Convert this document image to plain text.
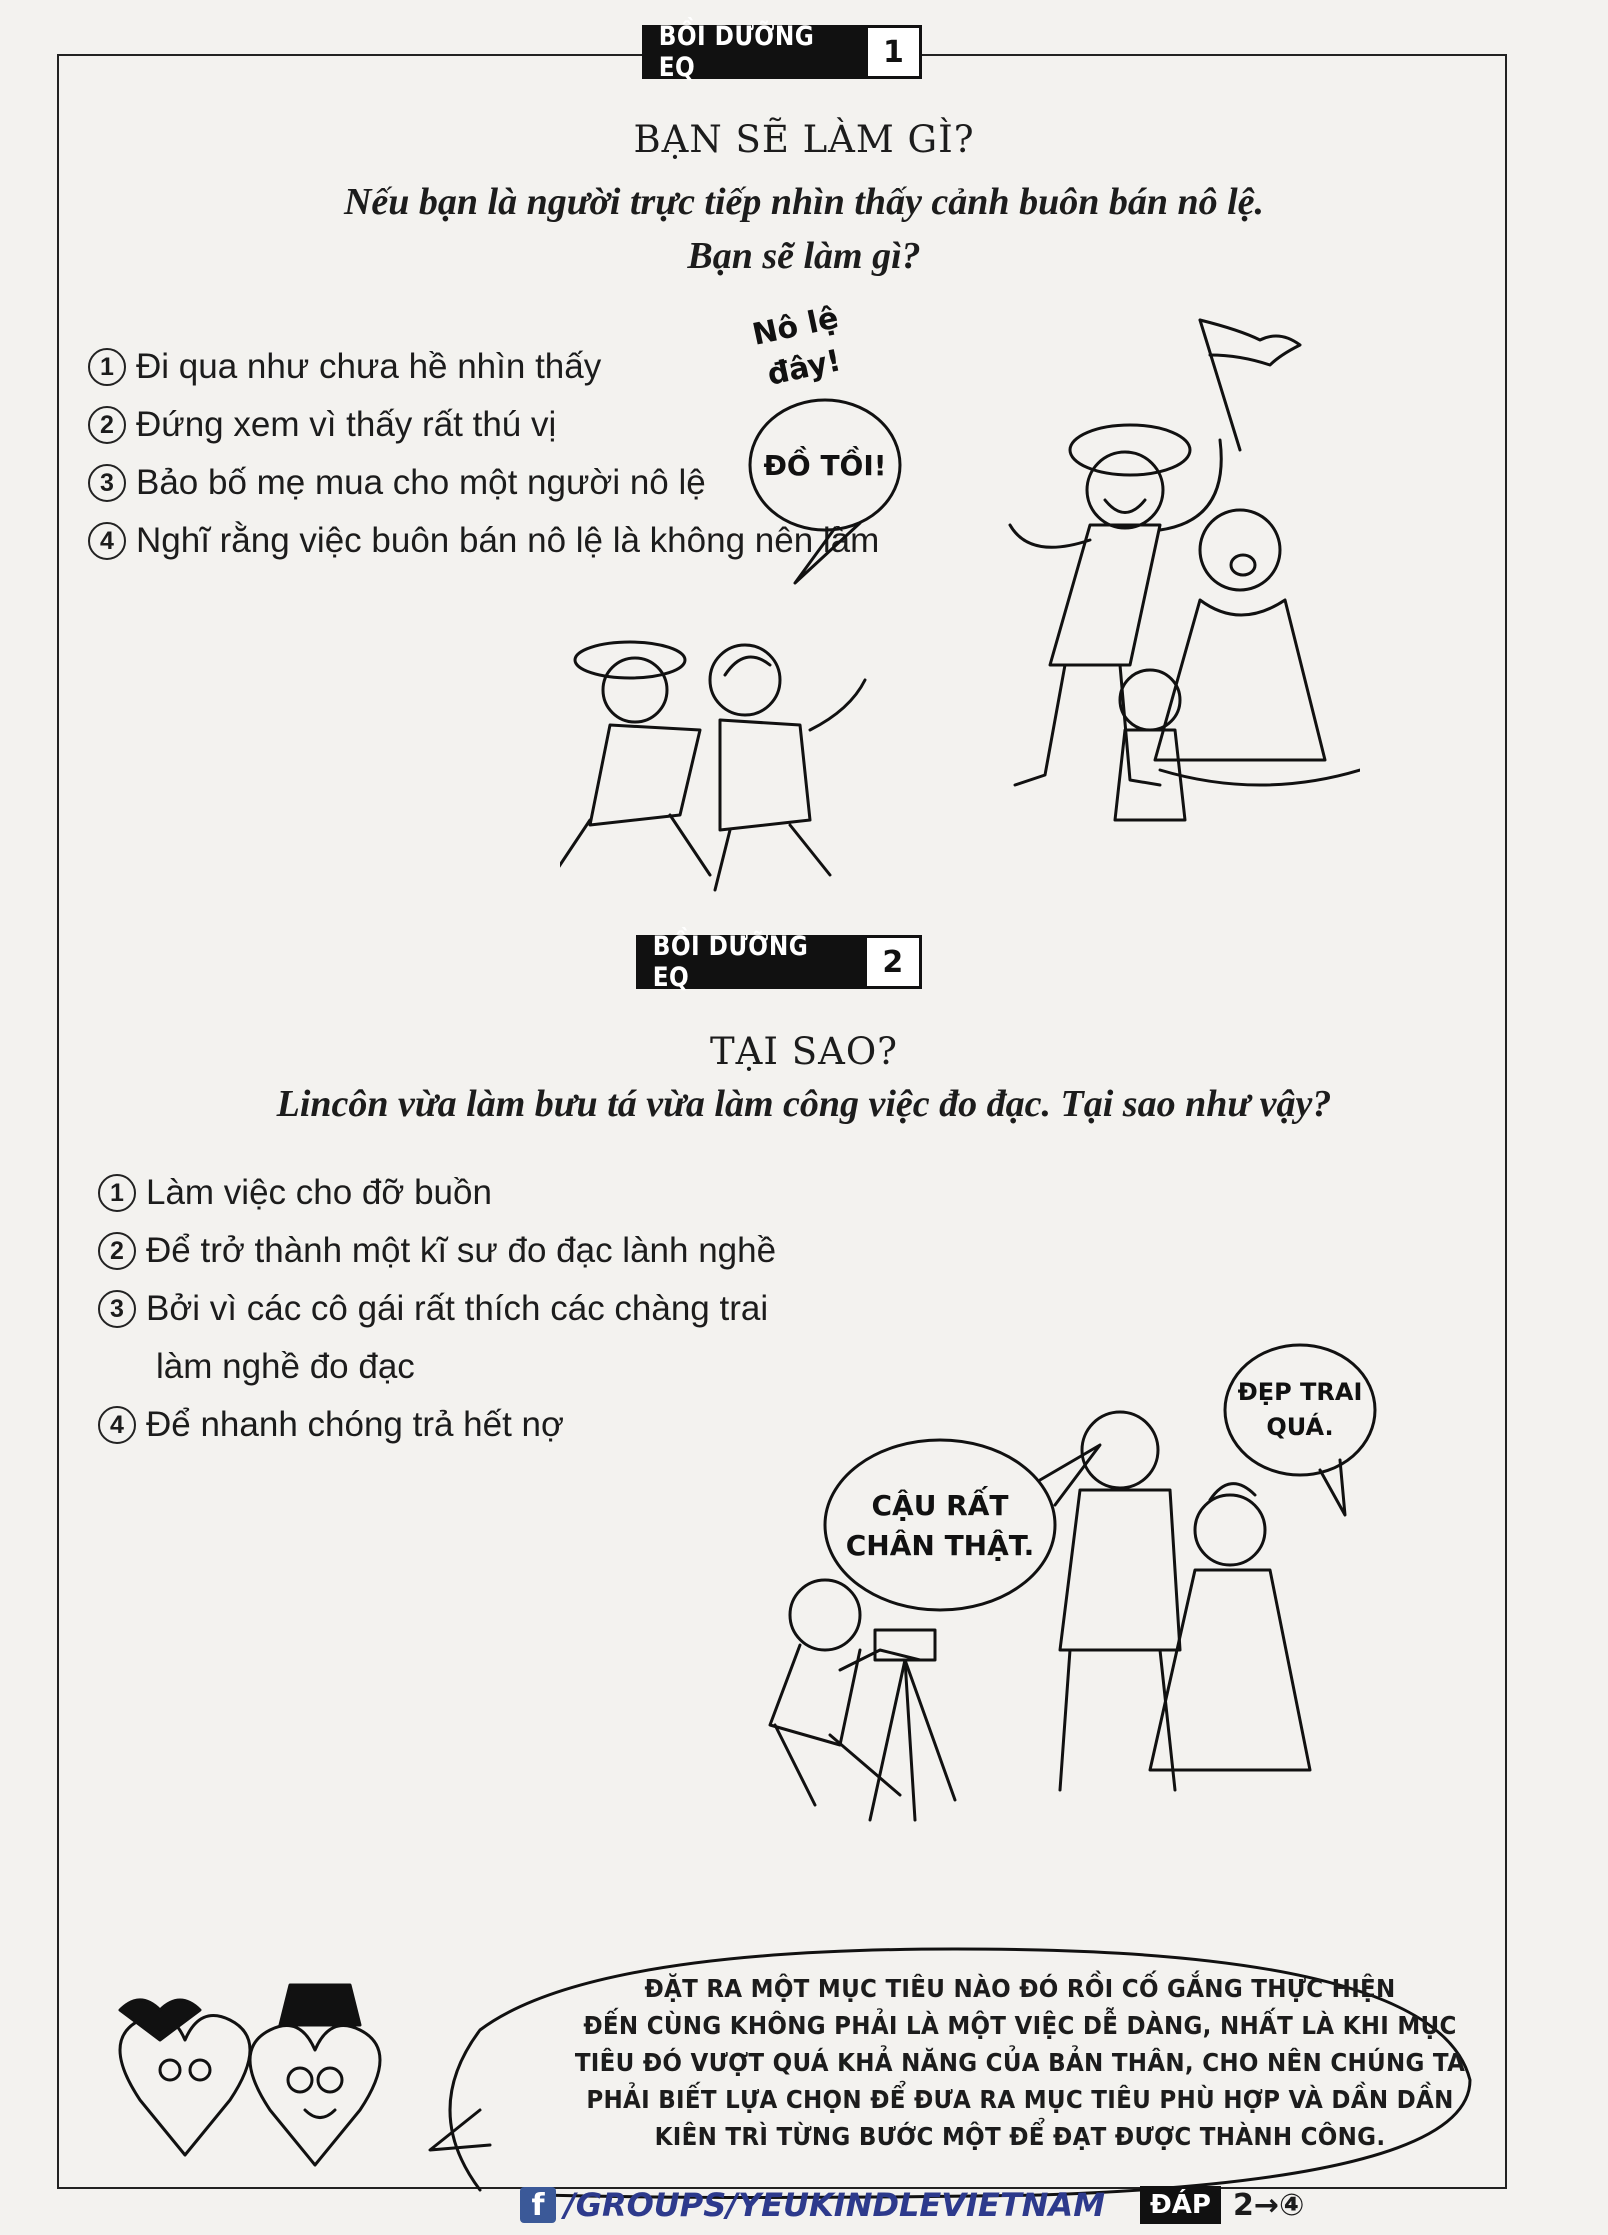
BỒI DƯỠNG EQ	1
BẠN SẼ LÀM GÌ?
Nếu bạn là người trực tiếp nhìn thấy cảnh buôn bán nô lệ.
Bạn sẽ làm gì?
1 Đi qua như chưa hề nhìn thấy
2 Đứng xem vì thấy rất thú vị
3 Bảo bố mẹ mua cho một người nô lệ
4 Nghĩ rằng việc buôn bán nô lệ là không nên làm
Nô lệ
đây!
ĐỒ TỒI!
BỒI DƯỠNG EQ	2
TẠI SAO?
Lincôn vừa làm bưu tá vừa làm công việc đo đạc. Tại sao như vậy?
1 Làm việc cho đỡ buồn
2 Để trở thành một kĩ sư đo đạc lành nghề
3 Bởi vì các cô gái rất thích các chàng trai
làm nghề đo đạc
4 Để nhanh chóng trả hết nợ
CẬU RẤT
CHÂN THẬT.
ĐẸP TRAI
QUÁ.
ĐẶT RA MỘT MỤC TIÊU NÀO ĐÓ RỒI CỐ GẮNG THỰC HIỆN
ĐẾN CÙNG KHÔNG PHẢI LÀ MỘT VIỆC DỄ DÀNG, NHẤT LÀ KHI MỤC
TIÊU ĐÓ VƯỢT QUÁ KHẢ NĂNG CỦA BẢN THÂN, CHO NÊN CHÚNG TA
PHẢI BIẾT LỰA CHỌN ĐỂ ĐƯA RA MỤC TIÊU PHÙ HỢP VÀ DẦN DẦN
KIÊN TRÌ TỪNG BƯỚC MỘT ĐỂ ĐẠT ĐƯỢC THÀNH CÔNG.
f /GROUPS/YEUKINDLEVIETNAM	ĐÁP 2→④
